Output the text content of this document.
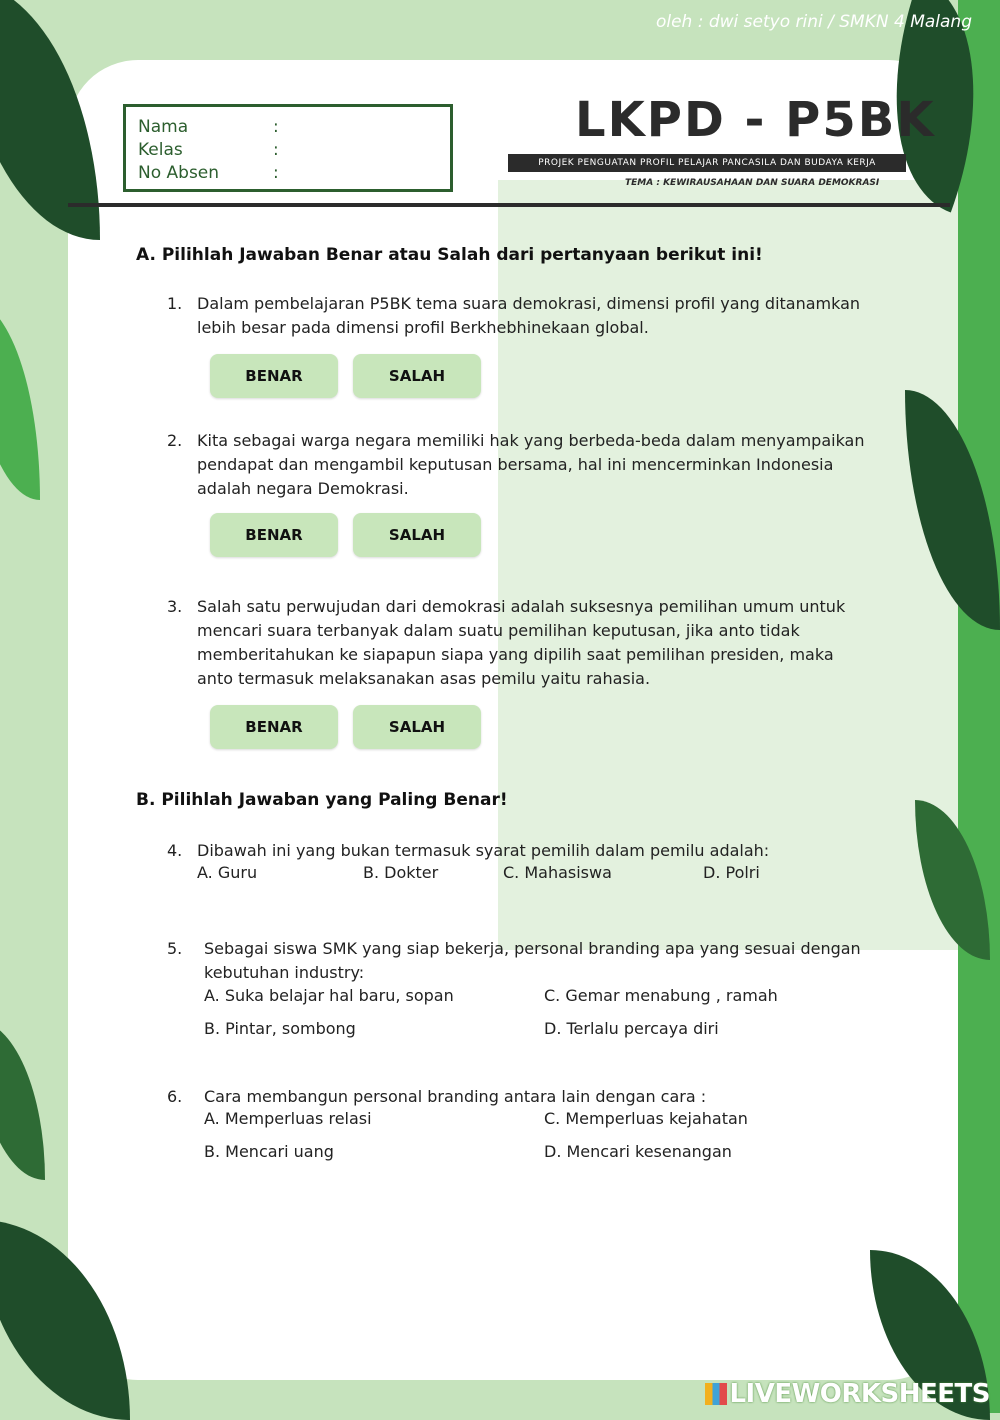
oleh : dwi setyo rini / SMKN 4 Malang
Nama	:
Kelas	:
No Absen	:
LKPD - P5BK
PROJEK PENGUATAN PROFIL PELAJAR PANCASILA DAN BUDAYA KERJA
TEMA : KEWIRAUSAHAAN DAN SUARA DEMOKRASI
A. Pilihlah Jawaban Benar atau Salah dari pertanyaan berikut ini!
1. Dalam pembelajaran P5BK tema suara demokrasi, dimensi profil yang ditanamkan
lebih besar pada dimensi profil Berkhebhinekaan global.
BENAR	SALAH
2. Kita sebagai warga negara memiliki hak yang berbeda-beda dalam menyampaikan
pendapat dan mengambil keputusan bersama, hal ini mencerminkan Indonesia
adalah negara Demokrasi.
BENAR	SALAH
3. Salah satu perwujudan dari demokrasi adalah suksesnya pemilihan umum untuk
mencari suara terbanyak dalam suatu pemilihan keputusan, jika anto tidak
memberitahukan ke siapapun siapa yang dipilih saat pemilihan presiden, maka
anto termasuk melaksanakan asas pemilu yaitu rahasia.
BENAR	SALAH
B. Pilihlah Jawaban yang Paling Benar!
4. Dibawah ini yang bukan termasuk syarat pemilih dalam pemilu adalah:
A. Guru	B. Dokter	C. Mahasiswa	D. Polri
5. Sebagai siswa SMK yang siap bekerja, personal branding apa yang sesuai dengan
kebutuhan industry:
A. Suka belajar hal baru, sopan	C. Gemar menabung , ramah
B. Pintar, sombong	D. Terlalu percaya diri
6. Cara membangun personal branding antara lain dengan cara :
A. Memperluas relasi	C. Memperluas kejahatan
B. Mencari uang	D. Mencari kesenangan
LIVEWORKSHEETS
